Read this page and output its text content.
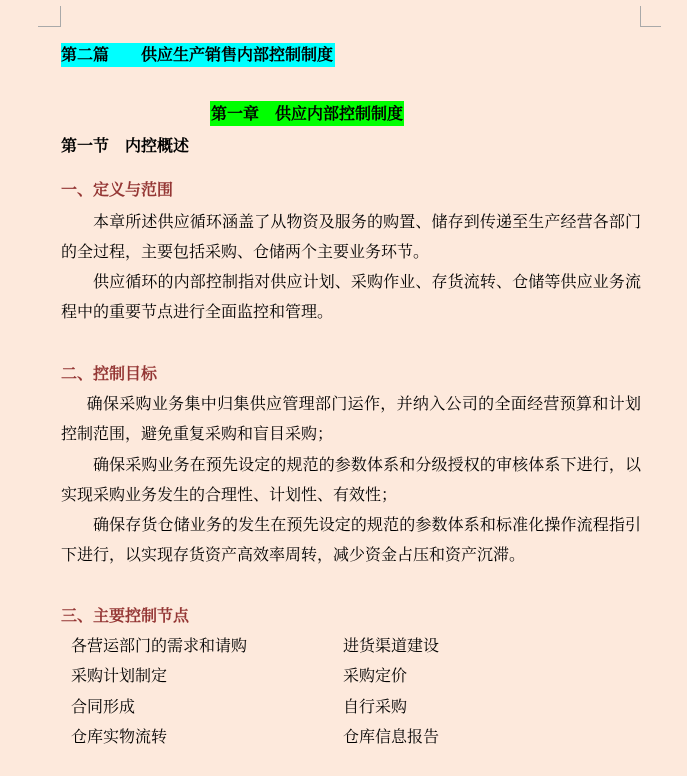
第二篇　　供应生产销售内部控制制度
第一章　供应内部控制制度
第一节　内控概述
一、定义与范围
本章所述供应循环涵盖了从物资及服务的购置、储存到传递至生产经营各部门的全过程，主要包括采购、仓储两个主要业务环节。
供应循环的内部控制指对供应计划、采购作业、存货流转、仓储等供应业务流程中的重要节点进行全面监控和管理。
二、控制目标
确保采购业务集中归集供应管理部门运作，并纳入公司的全面经营预算和计划控制范围，避免重复采购和盲目采购；
确保采购业务在预先设定的规范的参数体系和分级授权的审核体系下进行，以实现采购业务发生的合理性、计划性、有效性；
确保存货仓储业务的发生在预先设定的规范的参数体系和标准化操作流程指引下进行，以实现存货资产高效率周转，减少资金占压和资产沉滞。
三、主要控制节点
各营运部门的需求和请购	进货渠道建设
采购计划制定	采购定价
合同形成	自行采购
仓库实物流转	仓库信息报告
